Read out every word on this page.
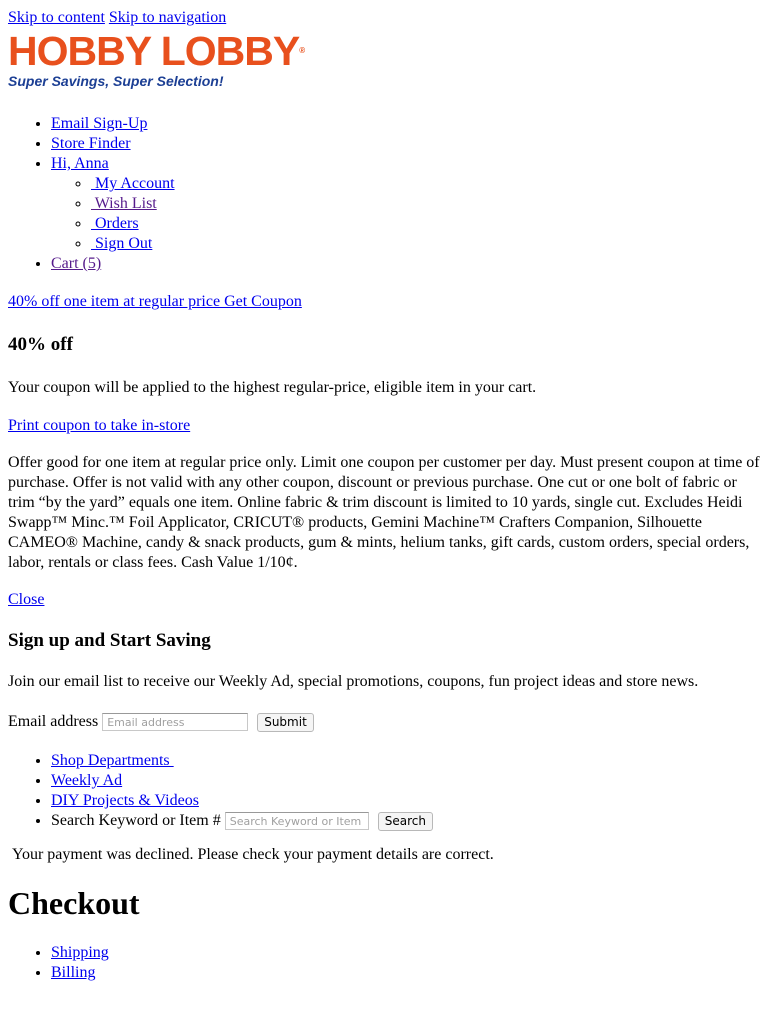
Skip to content Skip to navigation
HOBBY LOBBY®
Super Savings, Super Selection!
• Email Sign-Up
• Store Finder
• Hi, Anna
◦  My Account
◦  Wish List
◦  Orders
◦  Sign Out
• Cart (5)

40% off one item at regular price Get Coupon

40% off

Your coupon will be applied to the highest regular-price, eligible item in your cart.

Print coupon to take in-store

Offer good for one item at regular price only. Limit one coupon per customer per day. Must present coupon at time of purchase. Offer is not valid with any other coupon, discount or previous purchase. One cut or one bolt of fabric or trim “by the yard” equals one item. Online fabric & trim discount is limited to 10 yards, single cut. Excludes Heidi Swapp™ Minc.™ Foil Applicator, CRICUT® products, Gemini Machine™ Crafters Companion, Silhouette CAMEO® Machine, candy & snack products, gum & mints, helium tanks, gift cards, custom orders, special orders, labor, rentals or class fees. Cash Value 1/10¢.

Close
Sign up and Start Saving

Join our email list to receive our Weekly Ad, special promotions, coupons, fun project ideas and store news.

Email address
Email address	Submit
• Shop Departments
• Weekly Ad
• DIY Projects & Videos
• Search Keyword or Item #
Search Keyword or Item	Search

Your payment was declined. Please check your payment details are correct.

Checkout
• Shipping
• Billing
